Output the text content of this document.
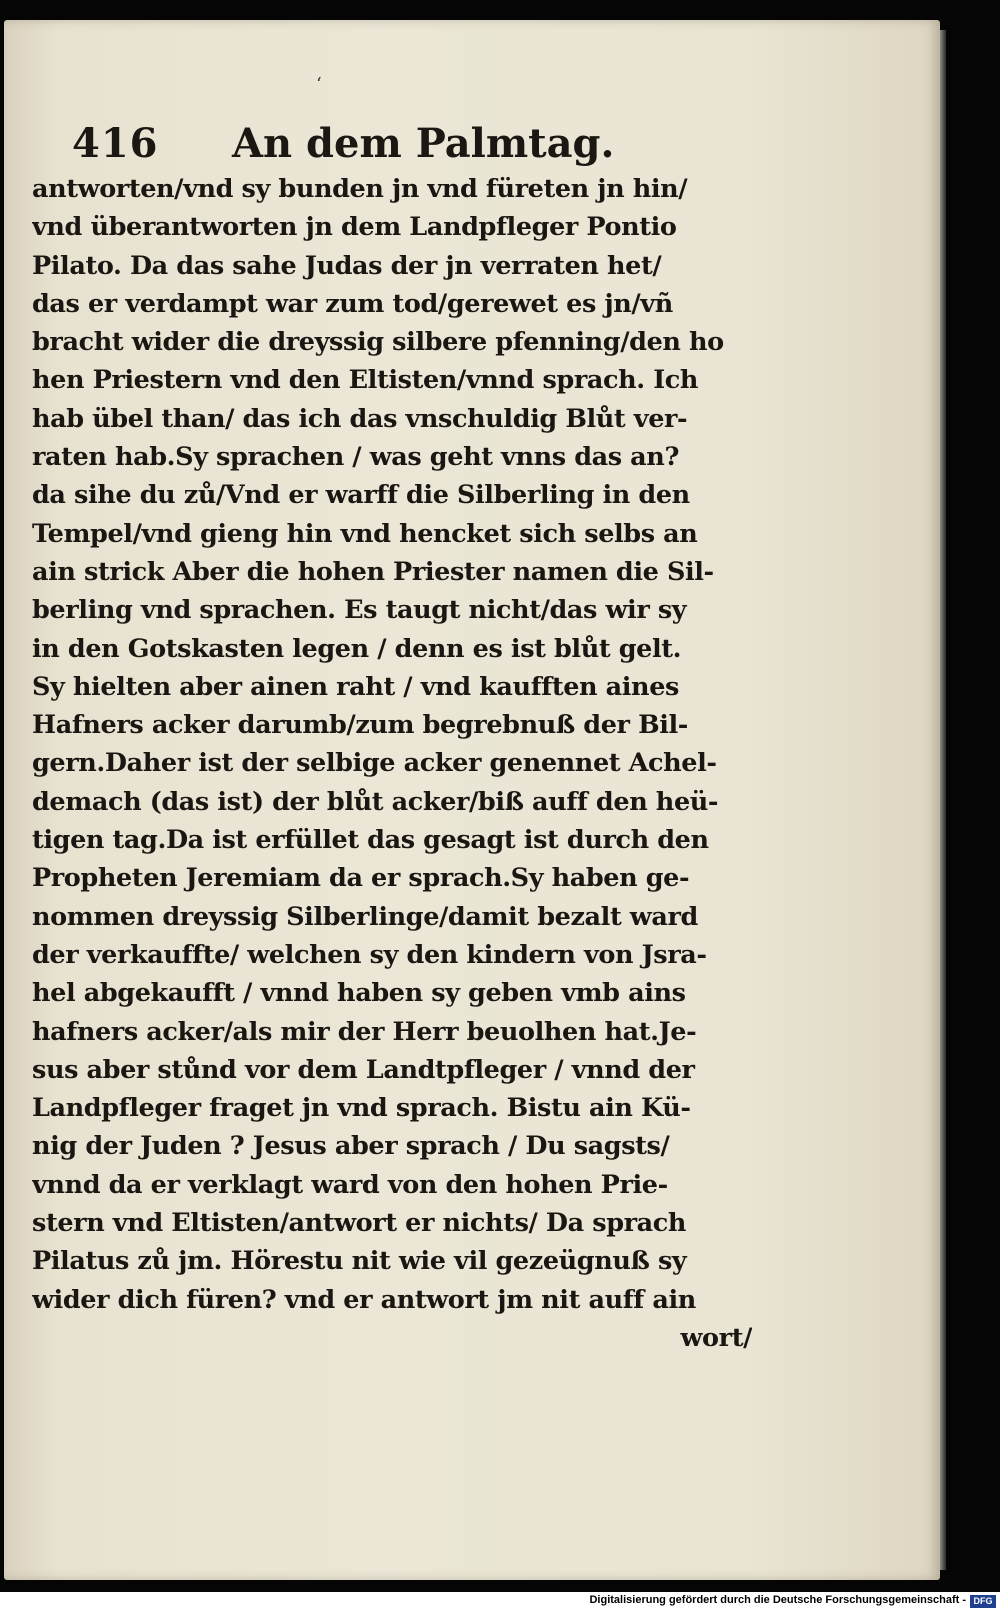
ʻ
416 An dem Palmtag.
antworten/vnd sy bunden jn vnd füreten jn hin/
vnd überantworten jn dem Landpfleger Pontio
Pilato. Da das sahe Judas der jn verraten het/
das er verdampt war zum tod/gerewet es jn/vñ
bracht wider die dreyssig silbere pfenning/den ho
hen Priestern vnd den Eltisten/vnnd sprach. Ich
hab übel than/ das ich das vnschuldig Blůt ver-
raten hab.Sy sprachen / was geht vnns das an?
da sihe du zů/Vnd er warff die Silberling in den
Tempel/vnd gieng hin vnd hencket sich selbs an
ain strick Aber die hohen Priester namen die Sil-
berling vnd sprachen. Es taugt nicht/das wir sy
in den Gotskasten legen / denn es ist blůt gelt.
Sy hielten aber ainen raht / vnd kaufften aines
Hafners acker darumb/zum begrebnuß der Bil-
gern.Daher ist der selbige acker genennet Achel-
demach (das ist) der blůt acker/biß auff den heü-
tigen tag.Da ist erfüllet das gesagt ist durch den
Propheten Jeremiam da er sprach.Sy haben ge-
nommen dreyssig Silberlinge/damit bezalt ward
der verkauffte/ welchen sy den kindern von Jsra-
hel abgekaufft / vnnd haben sy geben vmb ains
hafners acker/als mir der Herr beuolhen hat.Je-
sus aber stůnd vor dem Landtpfleger / vnnd der
Landpfleger fraget jn vnd sprach. Bistu ain Kü-
nig der Juden ? Jesus aber sprach / Du sagsts/
vnnd da er verklagt ward von den hohen Prie-
stern vnd Eltisten/antwort er nichts/ Da sprach
Pilatus zů jm. Hörestu nit wie vil gezeügnuß sy
wider dich füren? vnd er antwort jm nit auff ain
wort/
Digitalisierung gefördert durch die Deutsche Forschungsgemeinschaft - DFG
